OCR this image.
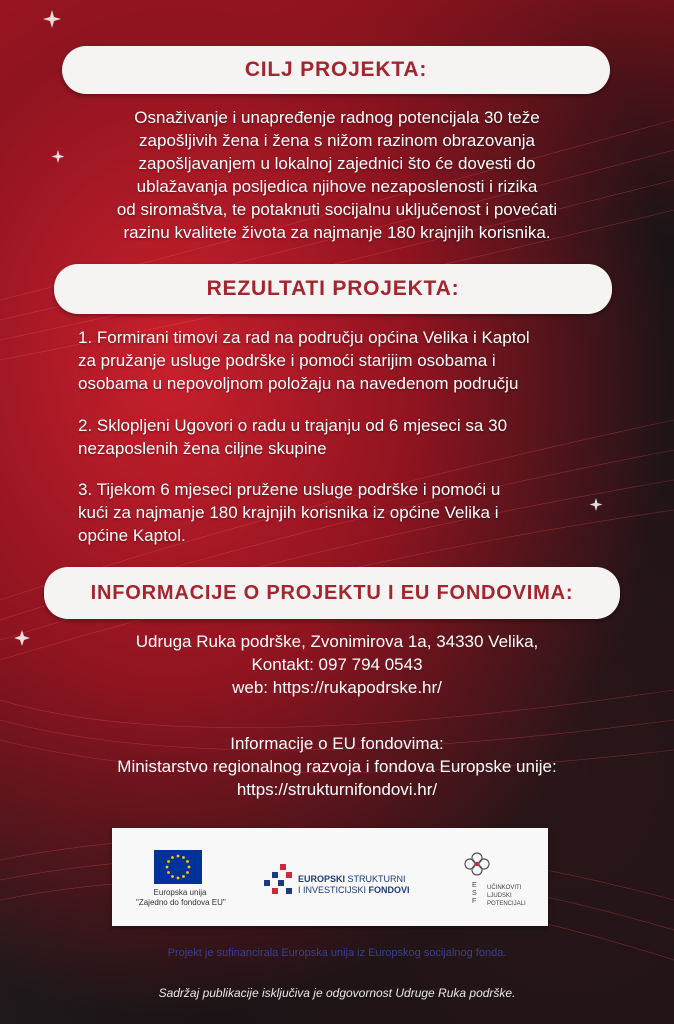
CILJ PROJEKTA:
Osnaživanje i unapređenje radnog potencijala 30 teže
zapošljivih žena i žena s nižom razinom obrazovanja
zapošljavanjem u lokalnoj zajednici što će dovesti do
ublažavanja posljedica njihove nezaposlenosti i rizika
od siromaštva, te potaknuti socijalnu uključenost i povećati
razinu kvalitete života za najmanje 180 krajnjih korisnika.
REZULTATI PROJEKTA:
1. Formirani timovi za rad na području općina Velika i Kaptol
za pružanje usluge podrške i pomoći starijim osobama i
osobama u nepovoljnom položaju na navedenom području
2. Sklopljeni Ugovori o radu u trajanju od 6 mjeseci sa 30
nezaposlenih žena ciljne skupine
3. Tijekom 6 mjeseci pružene usluge podrške i pomoći u
kući za najmanje 180 krajnjih korisnika iz općine Velika i
općine Kaptol.
INFORMACIJE O PROJEKTU I EU FONDOVIMA:
Udruga Ruka podrške, Zvonimirova 1a, 34330 Velika,
Kontakt: 097 794 0543
web: https://rukapodrske.hr/
Informacije o EU fondovima:
Ministarstvo regionalnog razvoja i fondova Europske unije:
https://strukturnifondovi.hr/
Europska unija
"Zajedno do fondova EU"
EUROPSKI STRUKTURNI
I INVESTICIJSKI FONDOVI	ESF
UČINKOVITI
LJUDSKI
POTENCIJALI
Projekt je sufinancirala Europska unija iz Europskog socijalnog fonda.
Sadržaj publikacije isključiva je odgovornost Udruge Ruka podrške.
